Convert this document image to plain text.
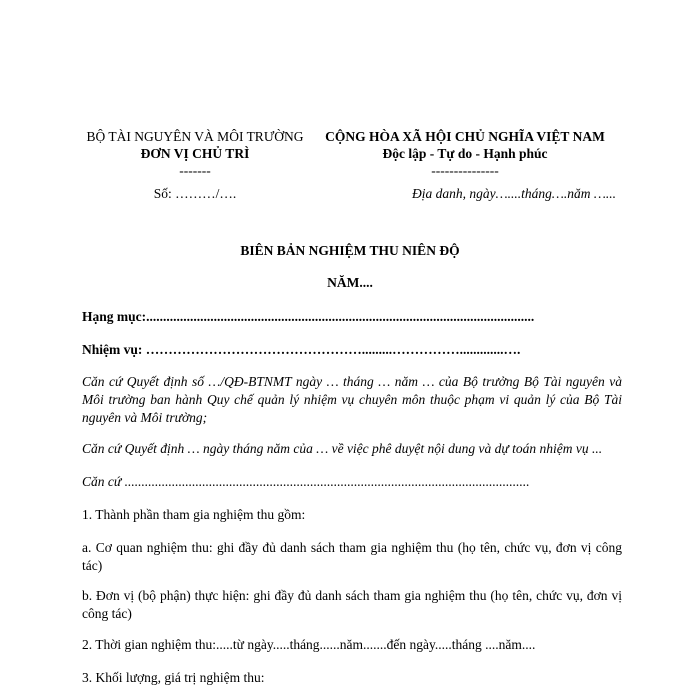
BỘ TÀI NGUYÊN VÀ MÔI TRƯỜNG
ĐƠN VỊ CHỦ TRÌ
-------
Số: ………/….
CỘNG HÒA XÃ HỘI CHỦ NGHĨA VIỆT NAM
Độc lập - Tự do - Hạnh phúc
---------------
Địa danh, ngày…....tháng….năm …...
BIÊN BẢN NGHIỆM THU NIÊN ĐỘ
NĂM....
Hạng mục:...................................................................................................................
Nhiệm vụ: ………………………………………….........…………….............….
Căn cứ Quyết định số …/QĐ-BTNMT ngày … tháng … năm … của Bộ trưởng Bộ Tài nguyên và Môi trường ban hành Quy chế quản lý nhiệm vụ chuyên môn thuộc phạm vi quản lý của Bộ Tài nguyên và Môi trường;
Căn cứ Quyết định … ngày tháng năm của … về việc phê duyệt nội dung và dự toán nhiệm vụ ...
Căn cứ ........................................................................................................................
1. Thành phần tham gia nghiệm thu gồm:
a. Cơ quan nghiệm thu: ghi đầy đủ danh sách tham gia nghiệm thu (họ tên, chức vụ, đơn vị công tác)
b. Đơn vị (bộ phận) thực hiện: ghi đầy đủ danh sách tham gia nghiệm thu (họ tên, chức vụ, đơn vị công tác)
2. Thời gian nghiệm thu:.....từ ngày.....tháng......năm.......đến ngày.....tháng ....năm....
3. Khối lượng, giá trị nghiệm thu:
